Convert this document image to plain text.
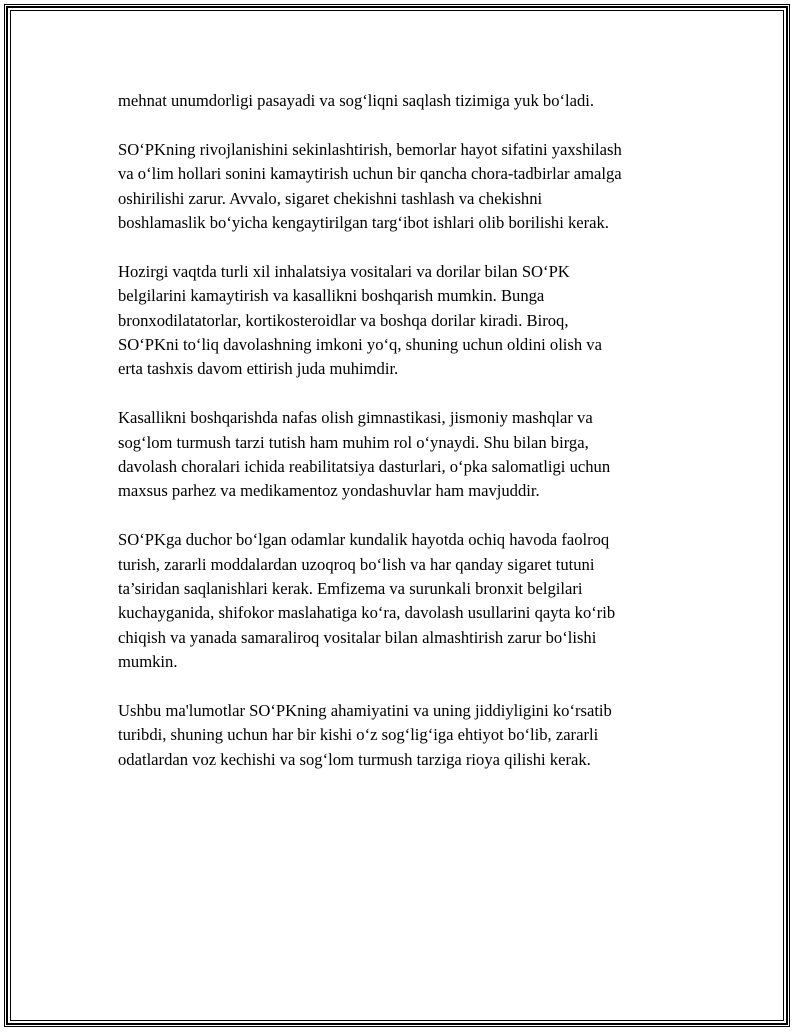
mehnat unumdorligi pasayadi va sog‘liqni saqlash tizimiga yuk bo‘ladi.

SO‘PKning rivojlanishini sekinlashtirish, bemorlar hayot sifatini yaxshilash
va o‘lim hollari sonini kamaytirish uchun bir qancha chora-tadbirlar amalga
oshirilishi zarur. Avvalo, sigaret chekishni tashlash va chekishni
boshlamaslik bo‘yicha kengaytirilgan targ‘ibot ishlari olib borilishi kerak.

Hozirgi vaqtda turli xil inhalatsiya vositalari va dorilar bilan SO‘PK
belgilarini kamaytirish va kasallikni boshqarish mumkin. Bunga
bronxodilatatorlar, kortikosteroidlar va boshqa dorilar kiradi. Biroq,
SO‘PKni to‘liq davolashning imkoni yo‘q, shuning uchun oldini olish va
erta tashxis davom ettirish juda muhimdir.

Kasallikni boshqarishda nafas olish gimnastikasi, jismoniy mashqlar va
sog‘lom turmush tarzi tutish ham muhim rol o‘ynaydi. Shu bilan birga,
davolash choralari ichida reabilitatsiya dasturlari, o‘pka salomatligi uchun
maxsus parhez va medikamentoz yondashuvlar ham mavjuddir.

SO‘PKga duchor bo‘lgan odamlar kundalik hayotda ochiq havoda faolroq
turish, zararli moddalardan uzoqroq bo‘lish va har qanday sigaret tutuni
ta’siridan saqlanishlari kerak. Emfizema va surunkali bronxit belgilari
kuchayganida, shifokor maslahatiga ko‘ra, davolash usullarini qayta ko‘rib
chiqish va yanada samaraliroq vositalar bilan almashtirish zarur bo‘lishi
mumkin.

Ushbu ma'lumotlar SO‘PKning ahamiyatini va uning jiddiyligini ko‘rsatib
turibdi, shuning uchun har bir kishi o‘z sog‘lig‘iga ehtiyot bo‘lib, zararli
odatlardan voz kechishi va sog‘lom turmush tarziga rioya qilishi kerak.
